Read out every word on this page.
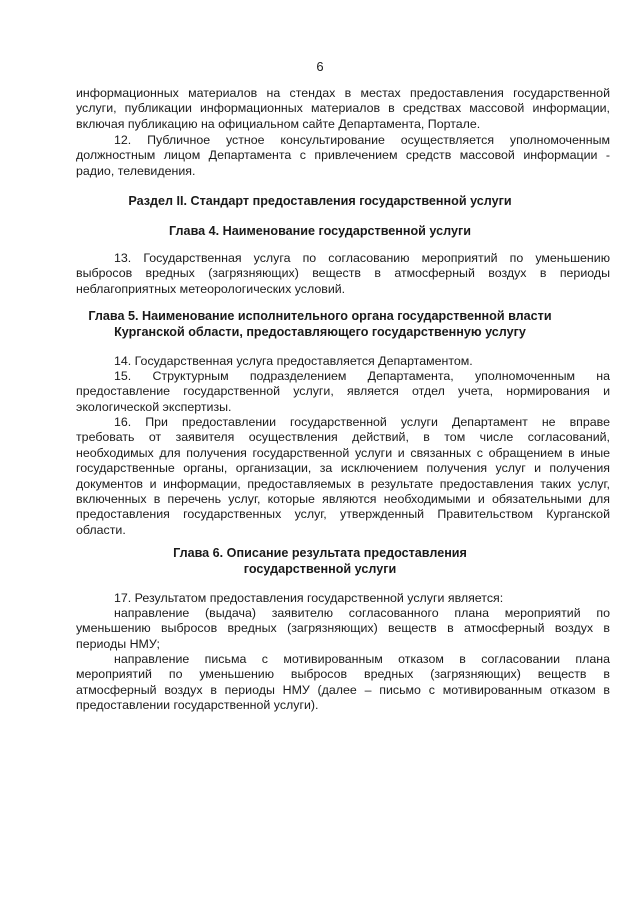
6
информационных материалов на стендах в местах предоставления государственной
услуги, публикации информационных материалов в средствах массовой информации,
включая публикацию на официальном сайте Департамента, Портале.
12. Публичное устное консультирование осуществляется уполномоченным
должностным лицом Департамента с привлечением средств массовой информации -
радио, телевидения.
Раздел II. Стандарт предоставления государственной услуги
Глава 4. Наименование государственной услуги
13. Государственная услуга по согласованию мероприятий по уменьшению
выбросов вредных (загрязняющих) веществ в атмосферный воздух в периоды
неблагоприятных метеорологических условий.
Глава 5. Наименование исполнительного органа государственной власти
Курганской области, предоставляющего государственную услугу
14. Государственная услуга предоставляется Департаментом.
15. Структурным подразделением Департамента, уполномоченным на
предоставление государственной услуги, является отдел учета, нормирования и
экологической экспертизы.
16. При предоставлении государственной услуги Департамент не вправе
требовать от заявителя осуществления действий, в том числе согласований,
необходимых для получения государственной услуги и связанных с обращением в иные
государственные органы, организации, за исключением получения услуг и получения
документов и информации, предоставляемых в результате предоставления таких услуг,
включенных в перечень услуг, которые являются необходимыми и обязательными для
предоставления государственных услуг, утвержденный Правительством Курганской
области.
Глава 6. Описание результата предоставления
государственной услуги
17. Результатом предоставления государственной услуги является:
направление (выдача) заявителю согласованного плана мероприятий по
уменьшению выбросов вредных (загрязняющих) веществ в атмосферный воздух в
периоды НМУ;
направление письма с мотивированным отказом в согласовании плана
мероприятий по уменьшению выбросов вредных (загрязняющих) веществ в
атмосферный воздух в периоды НМУ (далее – письмо с мотивированным отказом в
предоставлении государственной услуги).
